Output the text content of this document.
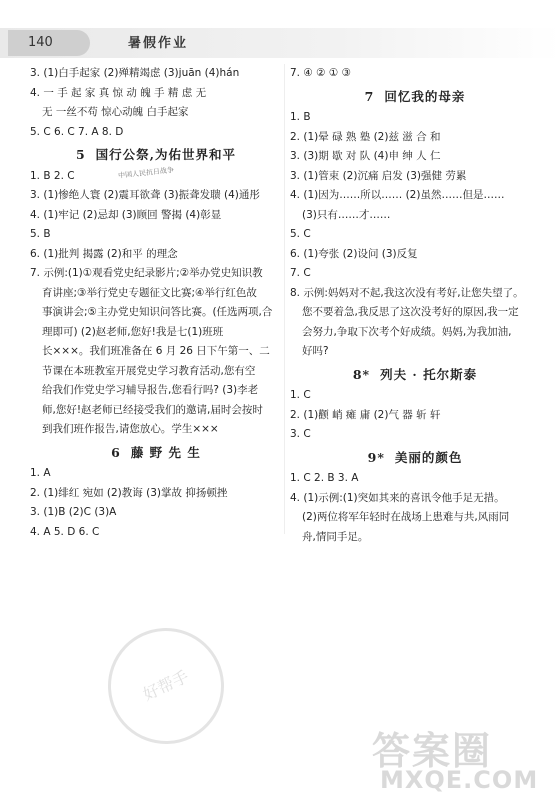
140	暑假作业
3. (1)白手起家 (2)殚精竭虑 (3)juān (4)hán
4. 一 手 起 家 真 惊 动 魄 手 精 虑 无
无 一丝不苟 惊心动魄 白手起家
5. C 6. C 7. A 8. D
5 国行公祭,为佑世界和平
1. B 2. C
3. (1)惨绝人寰 (2)震耳欲聋 (3)振聋发聩 (4)通彤
4. (1)牢记 (2)忌却 (3)顾回 警揭 (4)彰显
5. B
6. (1)批判 揭露 (2)和平 的理念
7. 示例:(1)①观看党史纪录影片;②举办党史知识教
育讲座;③举行党史专题征文比赛;④举行红色故
事演讲会;⑤主办党史知识问答比赛。(任选两项,合
理即可) (2)赵老师,您好!我是七(1)班班
长×××。我们班准备在 6 月 26 日下午第一、二
节课在本班教室开展党史学习教育活动,您有空
给我们作党史学习辅导报告,您看行吗? (3)李老
师,您好!赵老师已经接受我们的邀请,届时会按时
到我们班作报告,请您放心。学生×××
6 藤 野 先 生
1. A
2. (1)绯红 宛如 (2)教诲 (3)掌故 抑扬顿挫
3. (1)B (2)C (3)A
4. A 5. D 6. C
7. ④ ② ① ③
7 回忆我的母亲
1. B
2. (1)晕 碌 熟 塾 (2)兹 滋 合 和
3. (3)期 歇 对 队 (4)申 绅 人 仁
3. (1)管束 (2)沉痛 启发 (3)强健 劳累
4. (1)因为……所以…… (2)虽然……但是……
(3)只有……才……
5. C
6. (1)夸张 (2)设问 (3)反复
7. C
8. 示例:妈妈对不起,我这次没有考好,让您失望了。
您不要着急,我反思了这次没考好的原因,我一定
会努力,争取下次考个好成绩。妈妈,为我加油,
好吗?
8* 列夫 · 托尔斯泰
1. C
2. (1)颧 峭 瘫 庸 (2)气 器 斩 轩
3. C
9* 美丽的颜色
1. C 2. B 3. A
4. (1)示例:(1)突如其来的喜讯令他手足无措。
(2)两位将军年轻时在战场上患难与共,风雨同
舟,情同手足。
中国人民抗日战争
好帮手
答案圈
MXQE.COM
